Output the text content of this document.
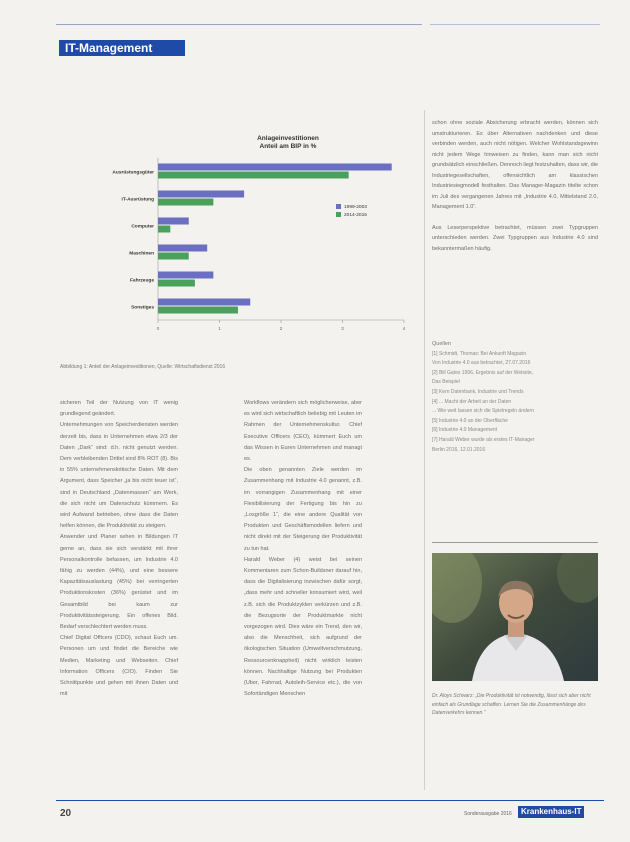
IT-Management
Anlageinvestitionen Anteil am BIP in %
0	1	2	3	4
Ausrüstungsgüter
IT-Ausrüstung
Computer
Maschinen
Fahrzeuge
Sonstiges
1999-2003
2014-2015
Abbildung 1: Anteil der Anlageinvestitionen, Quelle: Wirtschaftsdienst 2016

sicheren Teil der Nutzung von IT wenig grundlegend geändert.

Unternehmungen von Speicherdiensten werden derzeit bis, dass in Unternehmen etwa 2/3 der Daten „Dark“ sind: d.h. nicht genutzt werden. Dem verbleibenden Drittel sind 8% ROT (8). Bis in 55% unternehmenskritische Daten. Mit dem Argument, dass Speicher „ja bis nicht teuer ist“, sind in Deutschland „Datenmassen“ am Werk, die sich nicht um Datenschutz kümmern. Es wird Aufwand betrieben, ohne dass die Daten helfen können, die Produktivität zu steigern.

Anwender und Planer sehen in Bildungen IT gerne an, dass sie sich verstärkt mit ihrer Personalkontrolle befassen, um Industrie 4.0 fähig zu werden (44%), und eine bessere Kapazitätsauslastung (45%) bei verringerten Produktionskosten (36%) gerüstet und im Gesamtbild bei kaum zur Produktivitätssteigerung. Ein offenes Bild. Bedarf verschlechtert werden muss.

Chief Digital Officers (CDO), schaut Euch um. Personen um und findet die Bereiche wie Medien, Marketing und Webseiten. Chief Information Officers (CIO). Finden Sie Schnittpunkte und gehen mit ihnen Daten und mit

Workflows verändern sich möglicherweise, aber es wird sich wirtschaftlich beliebig mit Leuten im Rahmen der Unternehmenskultur. Chief Executive Officers (CEO), kümmert Euch um das Wissen in Euren Unternehmen und managt es.

Die oben genannten Ziele werden im Zusammenhang mit Industrie 4.0 genannt, z.B. im vorrangigen Zusammenhang mit einer Flexibilisierung der Fertigung bis hin zu „Losgröße 1“, die eine andere Qualität von Produkten und Geschäftsmodellen liefern und nicht direkt mit der Steigerung der Produktivität zu tun hat.

Harald Weber (4) weist bei seinen Kommentaren zum Schon-Buildsner darauf hin, dass die Digitalisierung inzwischen dafür sorgt, „dass mehr und schneller konsumiert wird, weil z.B. sich die Produktzyklen verkürzen und z.B. die Bezugsorte der Produktmarkte nicht vorgezogen wird. Dies wäre ein Trend, den wir, also die Menschheit, sich aufgrund der ökologischen Situation (Umweltverschmutzung, Ressourcenknappheit) nicht wirklich leisten können. Nachhaltige Nutzung bei Produkten (Uber, Fahrrad, Autoleih-Service etc.), die von Sofortändigen Menschen

schon ohne soziale Absicherung erbracht werden, können sich umstrukturieren. Es über Alternativen nachdenken und diese verbinden werden, auch nicht nötigen. Welcher Wohlstandsgewinn nicht jedem Wege hinweisen zu finden, kann man sich nicht grundsätzlich einschließen. Dennoch liegt festzuhalten, dass wir, die Industriegesellschaften, offensichtlich am klassischen Industriesiegmodell festhalten. Das Manager-Magazin titelte schon im Juli des vergangenen Jahres mit „Industrie 4.0, Mittelstand 2.0, Management 1.0“.

Aus Leserperspektive betrachtet, müssen zwei Typgruppen unterschieden werden. Zwei Typgruppen aus Industrie 4.0 sind bekanntermaßen häufig.

Quellen
[1] Schmidt, Thomas: Bei Ankunft Magazin
Von Industrie 4.0 aus betrachtet, 27.07.2016
[2] Bill Gates 1996, Ergebnis auf der Website,
Das Beispiel
[3] Kern Datenbank, Industrie und Trends
[4] ... Macht der Arbeit an der Daten
... Wie weit lassen sich die Spielregeln ändern
[5] Industrie 4.0 an der Oberfläche
[6] Industrie 4.0 Management
[7] Harald Weber wurde als erstes IT-Manager
Berlin 2016, 12.01.2016
Dr. Aloys Schwarz: „Die Produktivität ist notwendig, lässt sich aber nicht einfach als Grundlage schaffen. Lernen Sie die Zusammenhänge des Datenverkehrs kennen.“
20	Sonderausgabe 2016	Krankenhaus-IT
